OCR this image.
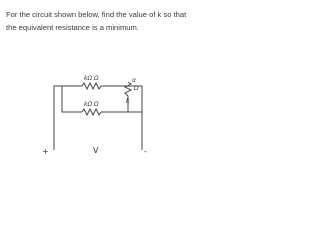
For the circuit shown below, find the value of k so that the equivalent resistance is a minimum.
kΩ Ω
kΩ Ω
α
Ω
k
V
+	-
